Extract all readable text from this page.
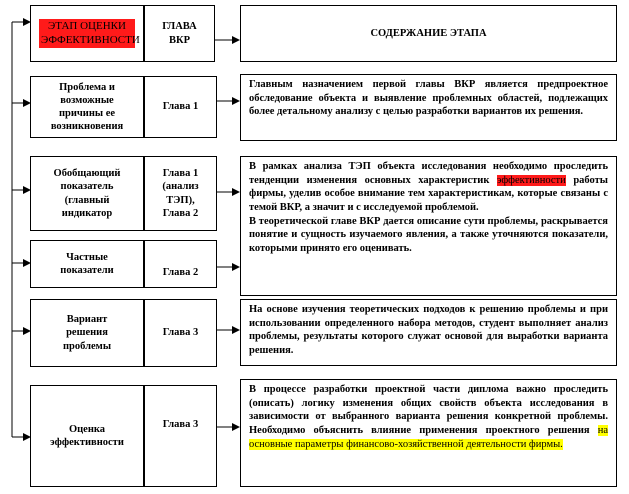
ЭТАП ОЦЕНКИ ЭФФЕКТИВНОСТИ
ГЛАВА ВКР
СОДЕРЖАНИЕ ЭТАПА
Проблема и возможные причины ее возникновения
Глава 1

Главным назначением первой главы ВКР является предпроектное обследование объекта и выявление проблемных областей, подлежащих более детальному анализу с целью разработки вариантов их решения.

Обобщающий показатель (главный индикатор
Глава 1 (анализ ТЭП), Глава 2

В рамках анализа ТЭП объекта исследования необходимо проследить тенденции изменения основных характеристик эффективности работы фирмы, уделив особое внимание тем характеристикам, которые связаны с темой ВКР, а значит и с исследуемой проблемой.

В теоретической главе ВКР дается описание сути проблемы, раскрывается понятие и сущность изучаемого явления, а также уточняются показатели, которыми принято его оценивать.

Частные показатели	Глава 2
Вариант решения проблемы
Глава 3

На основе изучения теоретических подходов к решению проблемы и при использовании определенного набора методов, студент выполняет анализ проблемы, результаты которого служат основой для выработки варианта решения.

Оценка эффективности
Глава 3

В процессе разработки проектной части диплома важно проследить (описать) логику изменения общих свойств объекта исследования в зависимости от выбранного варианта решения конкретной проблемы. Необходимо объяснить влияние применения проектного решения на основные параметры финансово-хозяйственной деятельности фирмы.
